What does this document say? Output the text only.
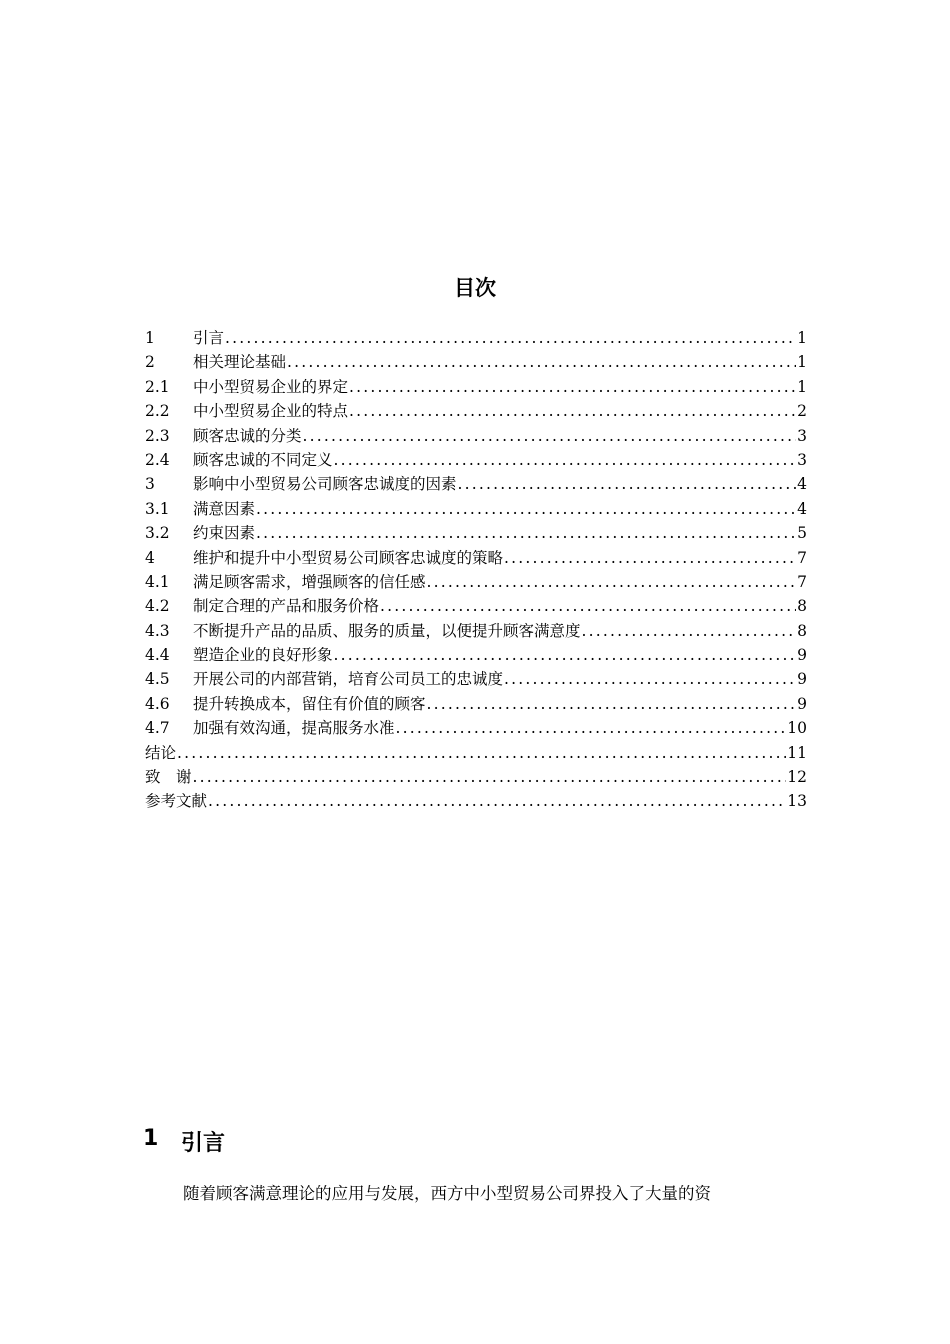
目次
1	引言 .....	1
2	相关理论基础 .....	1
2.1	中小型贸易企业的界定 .....	1
2.2	中小型贸易企业的特点 .....	2
2.3	顾客忠诚的分类 .....	3
2.4	顾客忠诚的不同定义 .....	3
3	影响中小型贸易公司顾客忠诚度的因素 .....	4
3.1	满意因素 .....	4
3.2	约束因素 .....	5
4	维护和提升中小型贸易公司顾客忠诚度的策略 .....	7
4.1	满足顾客需求，增强顾客的信任感 .....	7
4.2	制定合理的产品和服务价格 .....	8
4.3	不断提升产品的品质、服务的质量，以便提升顾客满意度 .....	8
4.4	塑造企业的良好形象 .....	9
4.5	开展公司的内部营销，培育公司员工的忠诚度 .....	9
4.6	提升转换成本，留住有价值的顾客 .....	9
4.7	加强有效沟通，提高服务水准 .....	10
结论 .....	11
致　谢 .....	12
参考文献 .....	13
1	引言
随着顾客满意理论的应用与发展，西方中小型贸易公司界投入了大量的资
